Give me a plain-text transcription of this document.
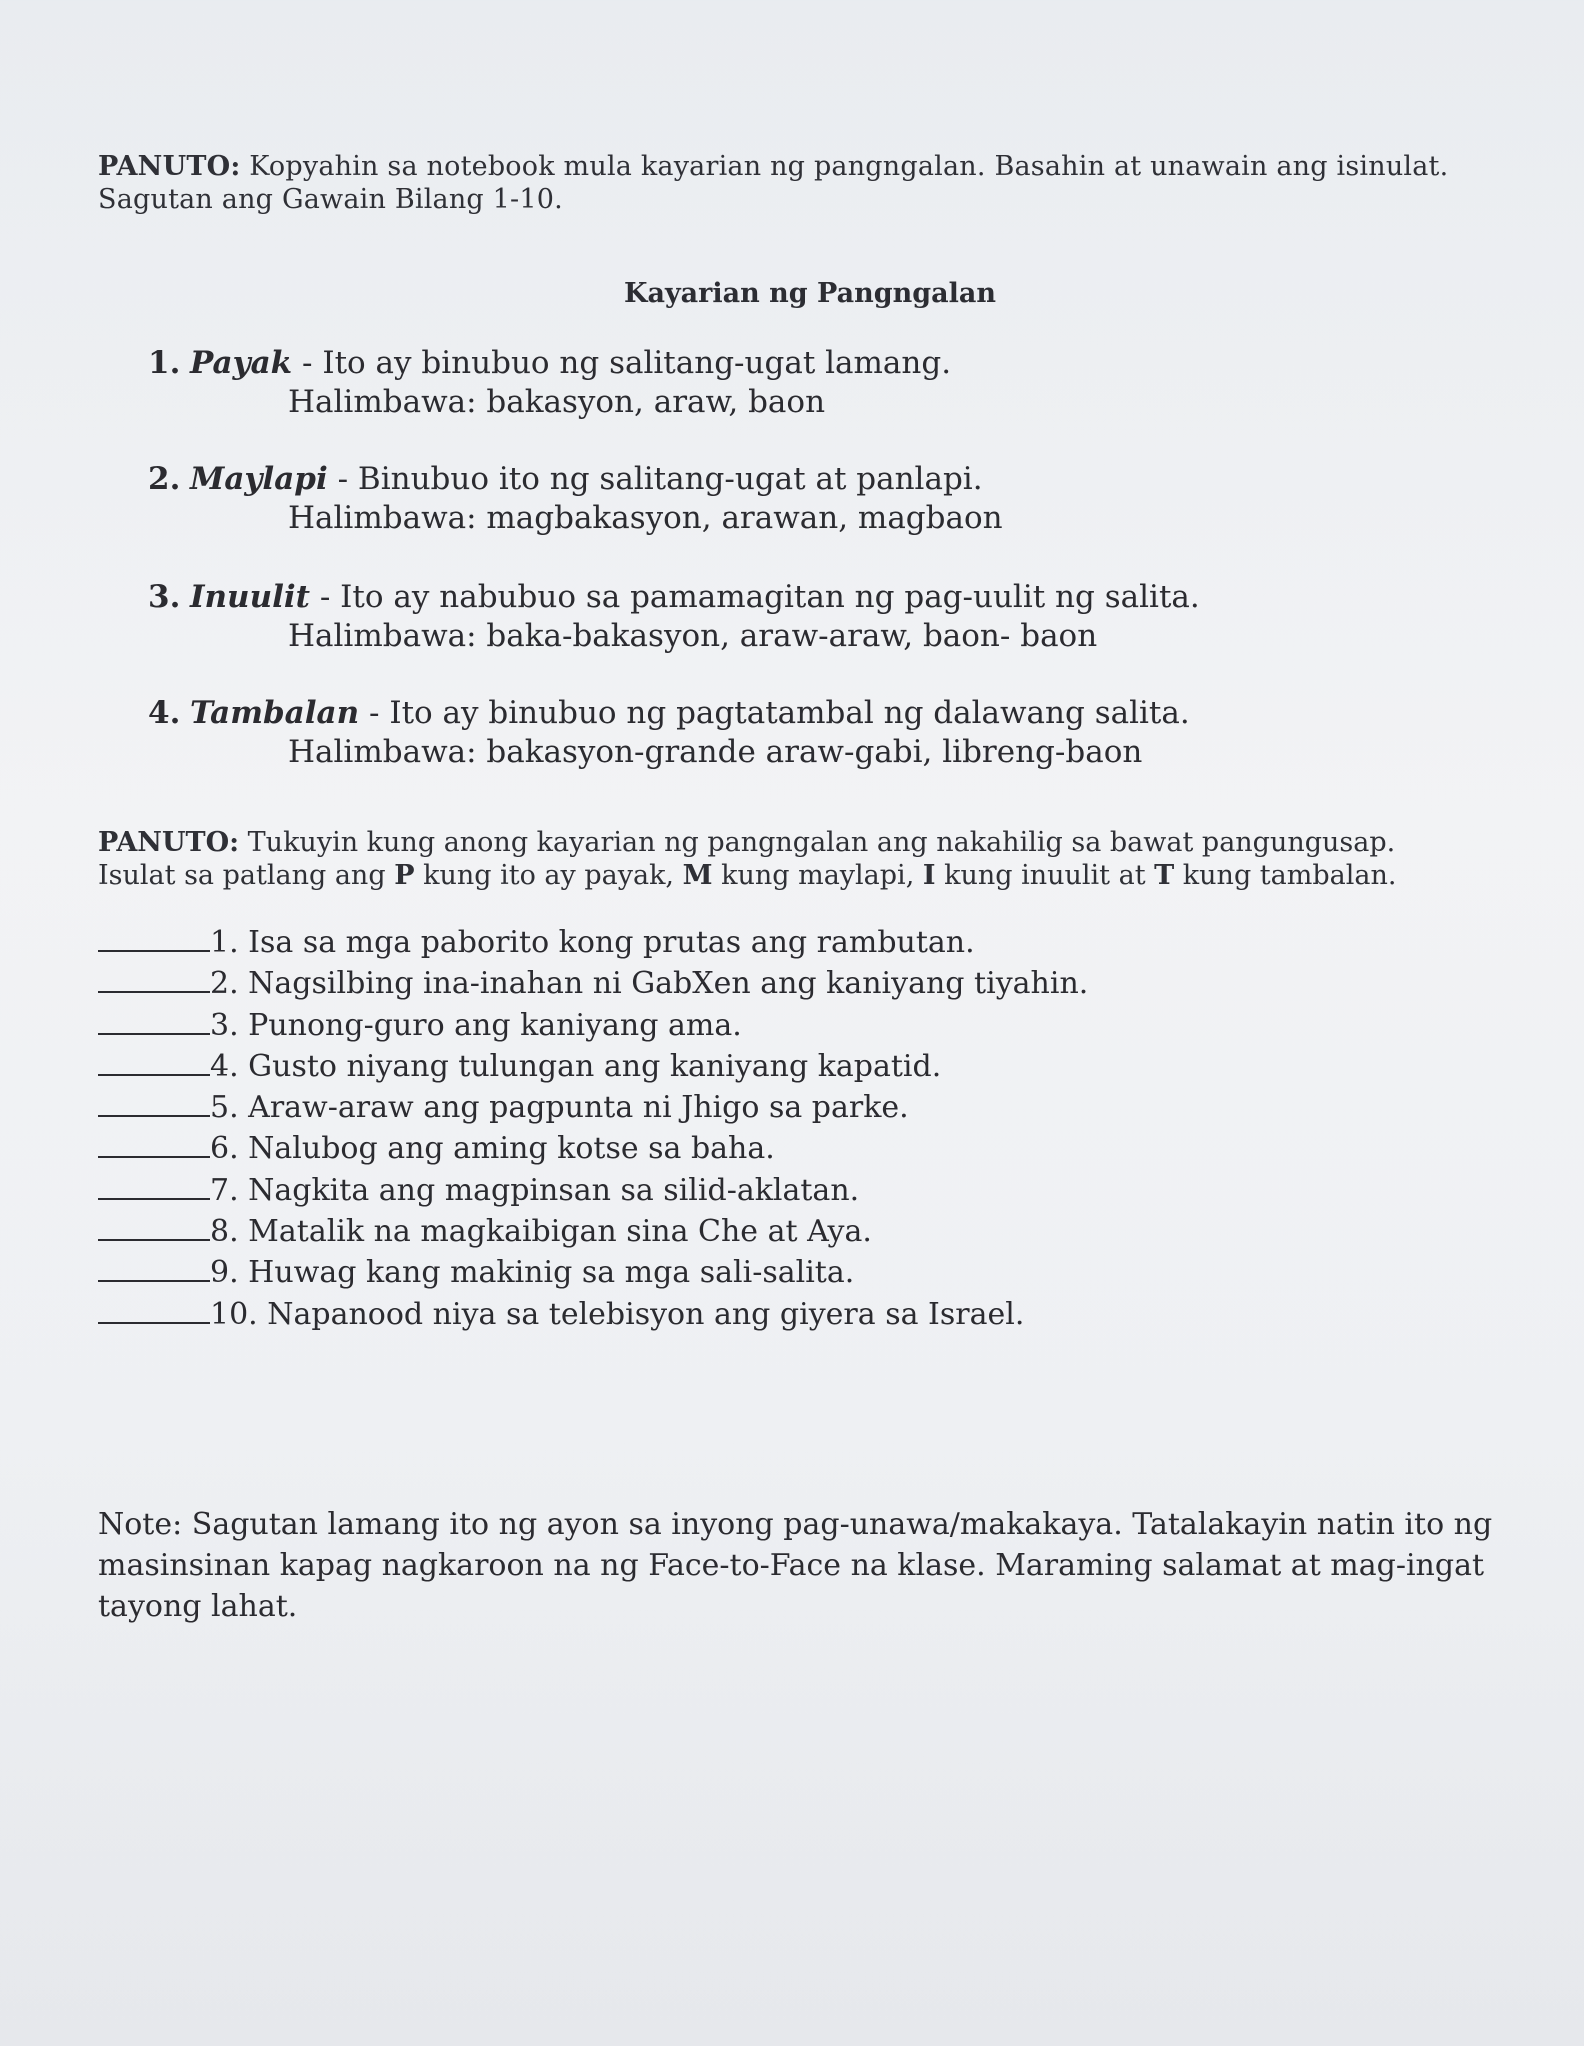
PANUTO: Kopyahin sa notebook mula kayarian ng pangngalan. Basahin at unawain ang isinulat. Sagutan ang Gawain Bilang 1-10.
Kayarian ng Pangngalan
1. Payak - Ito ay binubuo ng salitang-ugat lamang.
Halimbawa: bakasyon, araw, baon
2. Maylapi - Binubuo ito ng salitang-ugat at panlapi.
Halimbawa: magbakasyon, arawan, magbaon
3. Inuulit - Ito ay nabubuo sa pamamagitan ng pag-uulit ng salita.
Halimbawa: baka-bakasyon, araw-araw, baon- baon
4. Tambalan - Ito ay binubuo ng pagtatambal ng dalawang salita.
Halimbawa: bakasyon-grande araw-gabi, libreng-baon
PANUTO: Tukuyin kung anong kayarian ng pangngalan ang nakahilig sa bawat pangungusap.
Isulat sa patlang ang P kung ito ay payak, M kung maylapi, I kung inuulit at T kung tambalan.
1. Isa sa mga paborito kong prutas ang rambutan.
2. Nagsilbing ina-inahan ni GabXen ang kaniyang tiyahin.
3. Punong-guro ang kaniyang ama.
4. Gusto niyang tulungan ang kaniyang kapatid.
5. Araw-araw ang pagpunta ni Jhigo sa parke.
6. Nalubog ang aming kotse sa baha.
7. Nagkita ang magpinsan sa silid-aklatan.
8. Matalik na magkaibigan sina Che at Aya.
9. Huwag kang makinig sa mga sali-salita.
10. Napanood niya sa telebisyon ang giyera sa Israel.
Note: Sagutan lamang ito ng ayon sa inyong pag-unawa/makakaya. Tatalakayin natin ito ng masinsinan kapag nagkaroon na ng Face-to-Face na klase. Maraming salamat at mag-ingat tayong lahat.
